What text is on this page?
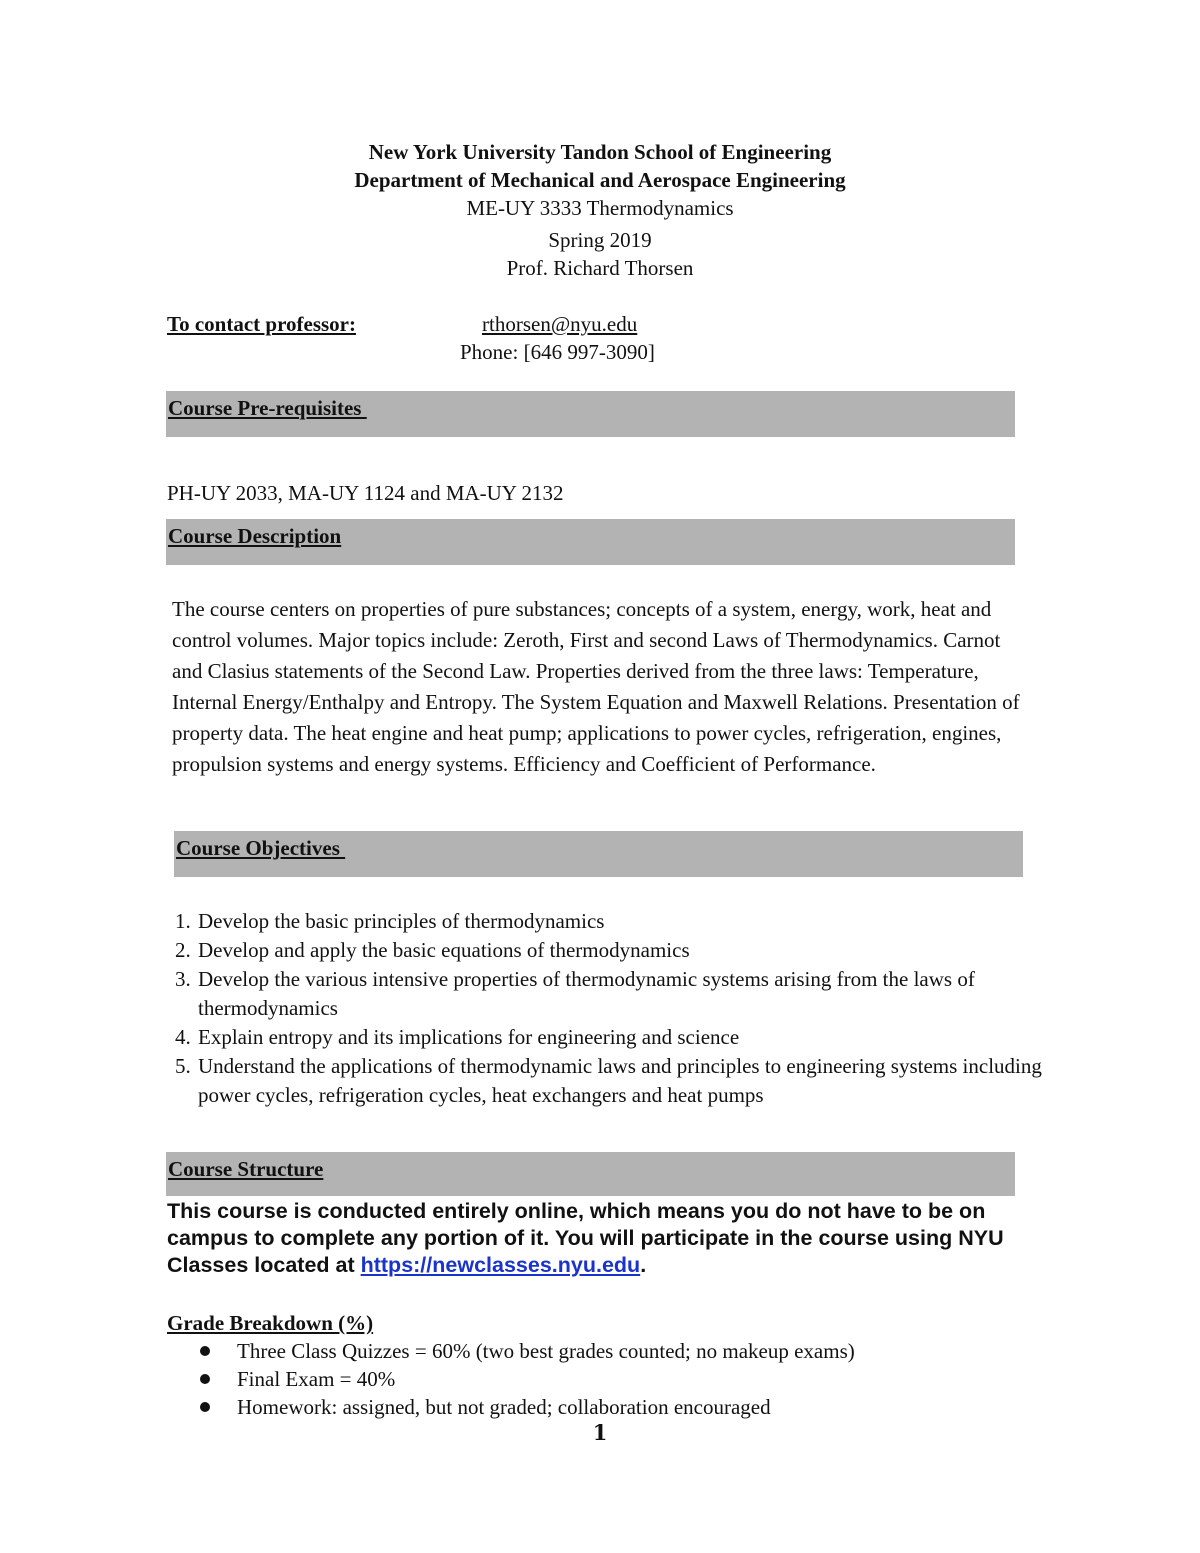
New York University Tandon School of Engineering
Department of Mechanical and Aerospace Engineering
ME-UY 3333 Thermodynamics
Spring 2019
Prof. Richard Thorsen
To contact professor:	rthorsen@nyu.edu
Phone: [646 997-3090]
Course Pre-requisites
PH-UY 2033, MA-UY 1124 and MA-UY 2132
Course Description
The course centers on properties of pure substances; concepts of a system, energy, work, heat and control volumes. Major topics include: Zeroth, First and second Laws of Thermodynamics. Carnot and Clasius statements of the Second Law. Properties derived from the three laws: Temperature, Internal Energy/Enthalpy and Entropy. The System Equation and Maxwell Relations. Presentation of property data. The heat engine and heat pump; applications to power cycles, refrigeration, engines, propulsion systems and energy systems. Efficiency and Coefficient of Performance.
Course Objectives
1. Develop the basic principles of thermodynamics
2. Develop and apply the basic equations of thermodynamics
3. Develop the various intensive properties of thermodynamic systems arising from the laws of thermodynamics
4. Explain entropy and its implications for engineering and science
5. Understand the applications of thermodynamic laws and principles to engineering systems including power cycles, refrigeration cycles, heat exchangers and heat pumps
Course Structure
This course is conducted entirely online, which means you do not have to be on campus to complete any portion of it. You will participate in the course using NYU Classes located at https://newclasses.nyu.edu.
Grade Breakdown (%)
Three Class Quizzes = 60% (two best grades counted; no makeup exams)
Final Exam = 40%
Homework: assigned, but not graded; collaboration encouraged
1
